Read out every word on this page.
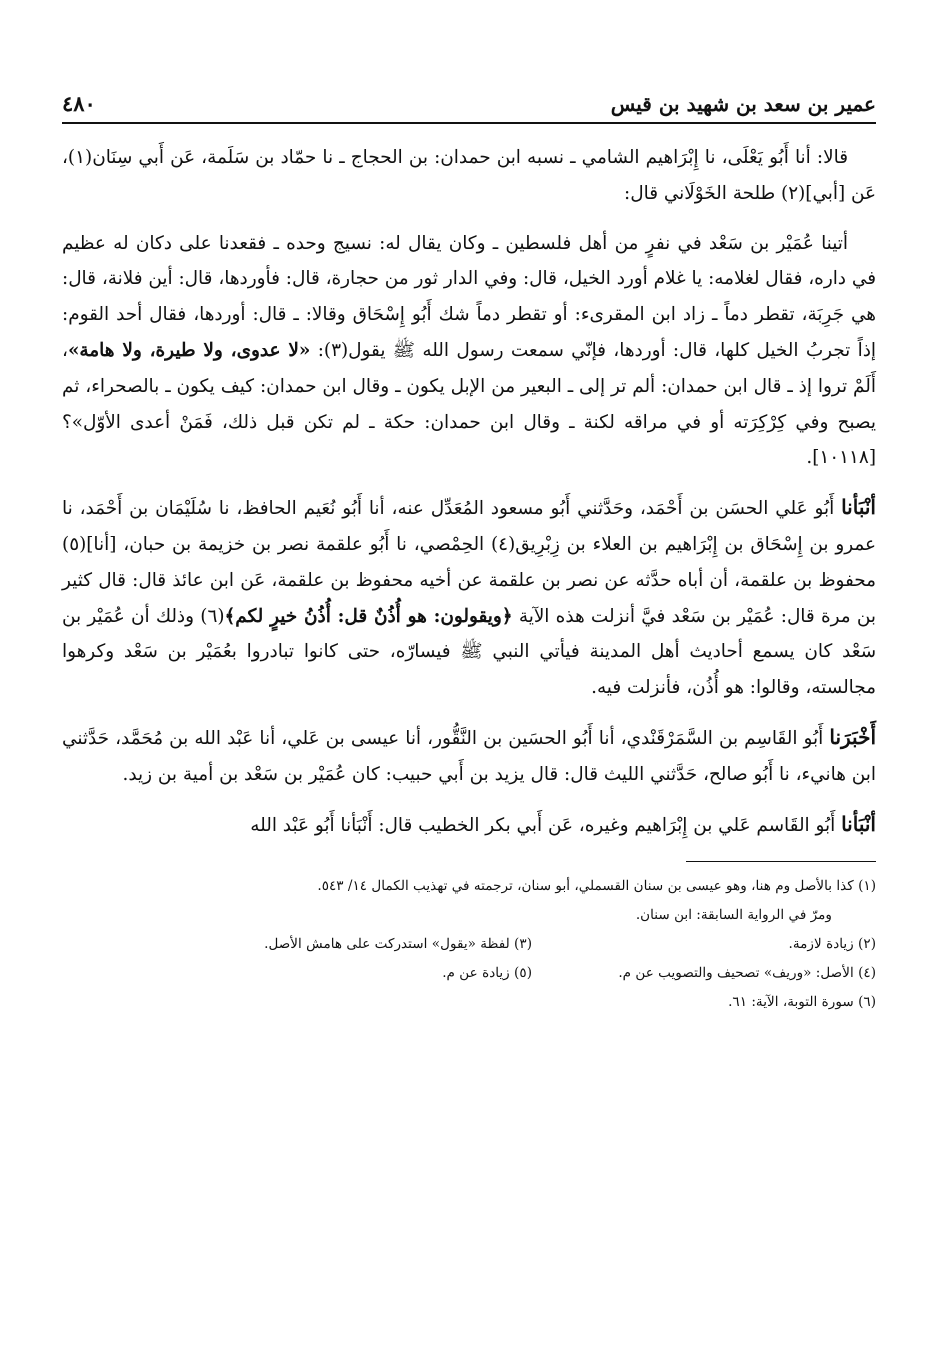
عمير بن سعد بن شهيد بن قيس
٤٨٠

قالا: أنا أَبُو يَعْلَى، نا إِبْرَاهيم الشامي ـ نسبه ابن حمدان: بن الحجاج ـ نا حمّاد بن سَلَمة، عَن أَبي سِنَان(١)، عَن [أبي](٢) طلحة الخَوْلَاني قال:

أتينا عُمَيْر بن سَعْد في نفرٍ من أهل فلسطين ـ وكان يقال له: نسيج وحده ـ فقعدنا على دكان له عظيم في داره، فقال لغلامه: يا غلام أورد الخيل، قال: وفي الدار ثور من حجارة، قال: فأوردها، قال: أين فلانة، قال: هي جَرِبَة، تقطر دماً ـ زاد ابن المقرىء: أو تقطر دماً شك أَبُو إِسْحَاق وقالا: ـ قال: أوردها، فقال أحد القوم: إذاً تجربُ الخيل كلها، قال: أوردها، فإنّي سمعت رسول الله ﷺ يقول(٣): «لا عدوى، ولا طيرة، ولا هامة»، أَلَمْ تروا إذ ـ قال ابن حمدان: ألم تر إلى ـ البعير من الإبل يكون ـ وقال ابن حمدان: كيف يكون ـ بالصحراء، ثم يصبح وفي كِرْكِرَته أو في مراقه لكنة ـ وقال ابن حمدان: حكة ـ لم تكن قبل ذلك، فَمَنْ أعدى الأوّل»؟[١٠١١٨].

أنْبَأنا أَبُو عَلي الحسَن بن أَحْمَد، وحَدَّثني أَبُو مسعود المُعَدِّل عنه، أنا أَبُو نُعَيم الحافظ، نا سُلَيْمَان بن أَحْمَد، نا عمرو بن إِسْحَاق بن إِبْرَاهيم بن العلاء بن زِبْرِيق(٤) الحِمْصي، نا أَبُو علقمة نصر بن خزيمة بن حبان، [أنا](٥) محفوظ بن علقمة، أن أباه حدَّثه عن نصر بن علقمة عن أخيه محفوظ بن علقمة، عَن ابن عائذ قال: قال كثير بن مرة قال: عُمَيْر بن سَعْد فيَّ أنزلت هذه الآية ﴿ويقولون: هو أُذُنٌ قل: أُذُنُ خيرٍ لكم﴾(٦) وذلك أن عُمَيْر بن سَعْد كان يسمع أحاديث أهل المدينة فيأتي النبي ﷺ فيسارّه، حتى كانوا تبادروا بعُمَيْر بن سَعْد وكرهوا مجالسته، وقالوا: هو أُذُن، فأنزلت فيه.

أَخْبَرَنا أَبُو القَاسِم بن السَّمَرْقَنْدي، أنا أَبُو الحسَين بن النَّقُّور، أنا عيسى بن عَلي، أنا عَبْد الله بن مُحَمَّد، حَدَّثني ابن هانيء، نا أَبُو صالح، حَدَّثني الليث قال: قال يزيد بن أَبي حبيب: كان عُمَيْر بن سَعْد بن أمية بن زيد.

أنْبَأنا أَبُو القَاسم عَلي بن إِبْرَاهيم وغيره، عَن أَبي بكر الخطيب قال: أَنْبَأنا أَبُو عَبْد الله

(١) كذا بالأصل وم هنا، وهو عيسى بن سنان القسملي، أبو سنان، ترجمته في تهذيب الكمال ١٤/ ٥٤٣.
ومرّ في الرواية السابقة: ابن سنان.
(٢) زيادة لازمة.
(٣) لفظة «يقول» استدركت على هامش الأصل.
(٤) الأصل: «وريف» تصحيف والتصويب عن م.
(٥) زيادة عن م.
(٦) سورة التوبة، الآية: ٦١.
